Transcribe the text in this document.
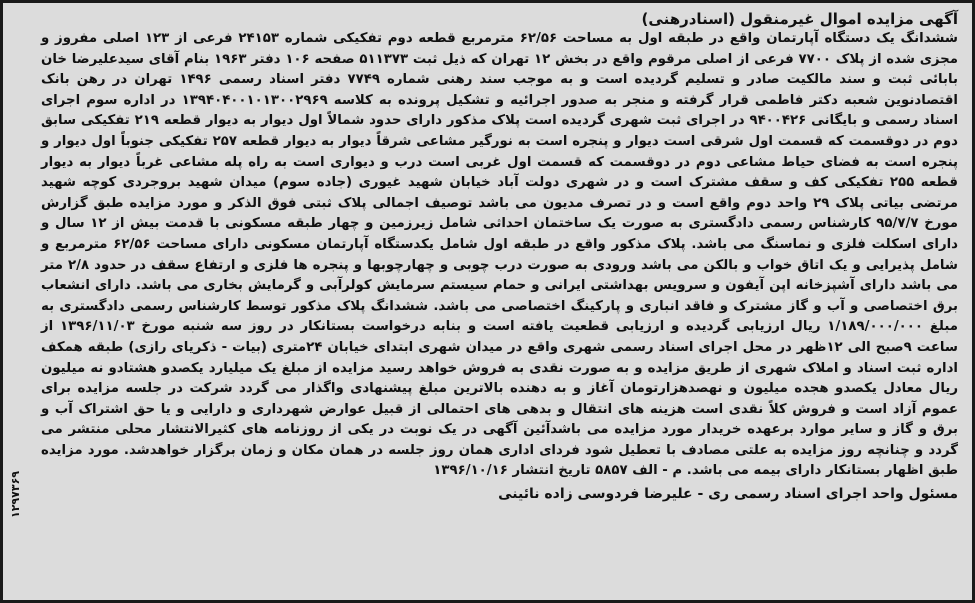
آگهی مزایده اموال غیرمنقول (اسنادرهنی)

ششدانگ یک دستگاه آپارتمان واقع در طبقه اول به مساحت ۶۲/۵۶ مترمربع قطعه دوم تفکیکی شماره ۲۴۱۵۳ فرعی از ۱۲۳ اصلی مفروز و مجزی شده از پلاک ۷۷۰۰ فرعی از اصلی مرقوم واقع در بخش ۱۲ تهران که ذیل ثبت ۵۱۱۳۷۳ صفحه ۱۰۶ دفتر ۱۹۶۳ بنام آقای سیدعلیرضا خان بابائی ثبت و سند مالکیت صادر و تسلیم گردیده است و به موجب سند رهنی شماره ۷۷۴۹ دفتر اسناد رسمی ۱۴۹۶ تهران در رهن بانک اقتصادنوین شعبه دکتر فاطمی قرار گرفته و منجر به صدور اجرائیه و تشکیل پرونده به کلاسه ۱۳۹۴۰۴۰۰۱۰۱۳۰۰۲۹۶۹ در اداره سوم اجرای اسناد رسمی و بایگانی ۹۴۰۰۴۲۶ در اجرای ثبت شهری گردیده است پلاک مذکور دارای حدود شمالاً اول دیوار به دیوار قطعه ۲۱۹ تفکیکی سابق دوم در دوقسمت که قسمت اول شرقی است دیوار و پنجره است به نورگیر مشاعی شرقاً دیوار به دیوار قطعه ۲۵۷ تفکیکی جنوباً اول دیوار و پنجره است به فضای حیاط مشاعی دوم در دوقسمت که قسمت اول غربی است درب و دیواری است به راه پله مشاعی غرباً دیوار به دیوار قطعه ۲۵۵ تفکیکی کف و سقف مشترک است و در شهری دولت آباد خیابان شهید غیوری (جاده سوم) میدان شهید بروجردی کوچه شهید مرتضی بیاتی پلاک ۲۹ واحد دوم واقع است و در تصرف مدیون می باشد توصیف اجمالی پلاک ثبتی فوق الذکر و مورد مزایده طبق گزارش مورخ ۹۵/۷/۷ کارشناس رسمی دادگستری به صورت یک ساختمان احداثی شامل زیرزمین و چهار طبقه مسکونی با قدمت بیش از ۱۲ سال و دارای اسکلت فلزی و نماسنگ می باشد. پلاک مذکور واقع در طبقه اول شامل یکدستگاه آپارتمان مسکونی دارای مساحت ۶۲/۵۶ مترمربع و شامل پذیرایی و یک اتاق خواب و بالکن می باشد ورودی به صورت درب چوبی و چهارچوبها و پنجره ها فلزی و ارتفاع سقف در حدود ۲/۸ متر می باشد دارای آشپزخانه اپن آیفون و سرویس بهداشتی ایرانی و حمام سیستم سرمایش کولرآبی و گرمایش بخاری می باشد. دارای انشعاب برق اختصاصی و آب و گاز مشترک و فاقد انباری و پارکینگ اختصاصی می باشد. ششدانگ پلاک مذکور توسط کارشناس رسمی دادگستری به مبلغ ۱/۱۸۹/۰۰۰/۰۰۰ ریال ارزیابی گردیده و ارزیابی قطعیت یافته است و بنابه درخواست بستانکار در روز سه شنبه مورخ ۱۳۹۶/۱۱/۰۳ از ساعت ۹صبح الی ۱۲ظهر در محل اجرای اسناد رسمی شهری واقع در میدان شهری ابتدای خیابان ۲۴متری (بیات - ذکریای رازی) طبقه همکف اداره ثبت اسناد و املاک شهری از طریق مزایده و به صورت نقدی به فروش خواهد رسید مزایده از مبلغ یک میلیارد یکصدو هشتادو نه میلیون ریال معادل یکصدو هجده میلیون و نهصدهزارتومان آغاز و به دهنده بالاترین مبلغ پیشنهادی واگذار می گردد شرکت در جلسه مزایده برای عموم آزاد است و فروش کلاً نقدی است هزینه های انتقال و بدهی های احتمالی از قبیل عوارض شهرداری و دارایی و یا حق اشتراک آب و برق و گاز و سایر موارد برعهده خریدار مورد مزایده می باشدآئین آگهی در یک نوبت در یکی از روزنامه های کثیرالانتشار محلی منتشر می گردد و چنانچه روز مزایده به علتی مصادف با تعطیل شود فردای اداری همان روز جلسه در همان مکان و زمان برگزار خواهدشد. مورد مزایده طبق اظهار بستانکار دارای بیمه می باشد. م - الف ۵۸۵۷ تاریخ انتشار ۱۳۹۶/۱۰/۱۶

مسئول واحد اجرای اسناد رسمی ری - علیرضا فردوسی زاده نائینی

۱۲۹۷۳۶۹
